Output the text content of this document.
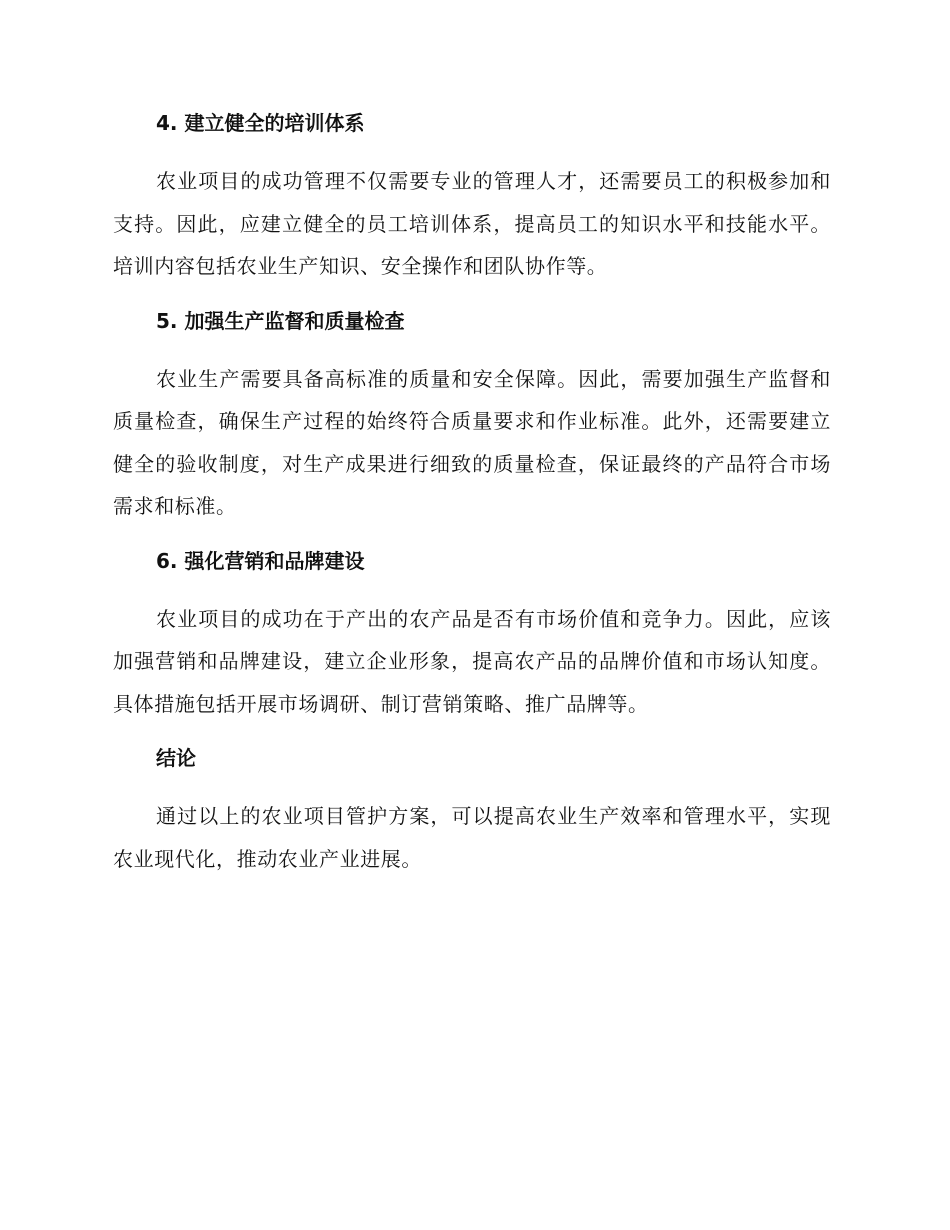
4. 建立健全的培训体系

农业项目的成功管理不仅需要专业的管理人才，还需要员工的积极参加和支持。因此，应建立健全的员工培训体系，提高员工的知识水平和技能水平。培训内容包括农业生产知识、安全操作和团队协作等。

5. 加强生产监督和质量检查

农业生产需要具备高标准的质量和安全保障。因此，需要加强生产监督和质量检查，确保生产过程的始终符合质量要求和作业标准。此外，还需要建立健全的验收制度，对生产成果进行细致的质量检查，保证最终的产品符合市场需求和标准。

6. 强化营销和品牌建设

农业项目的成功在于产出的农产品是否有市场价值和竞争力。因此，应该加强营销和品牌建设，建立企业形象，提高农产品的品牌价值和市场认知度。具体措施包括开展市场调研、制订营销策略、推广品牌等。

结论

通过以上的农业项目管护方案，可以提高农业生产效率和管理水平，实现农业现代化，推动农业产业进展。
